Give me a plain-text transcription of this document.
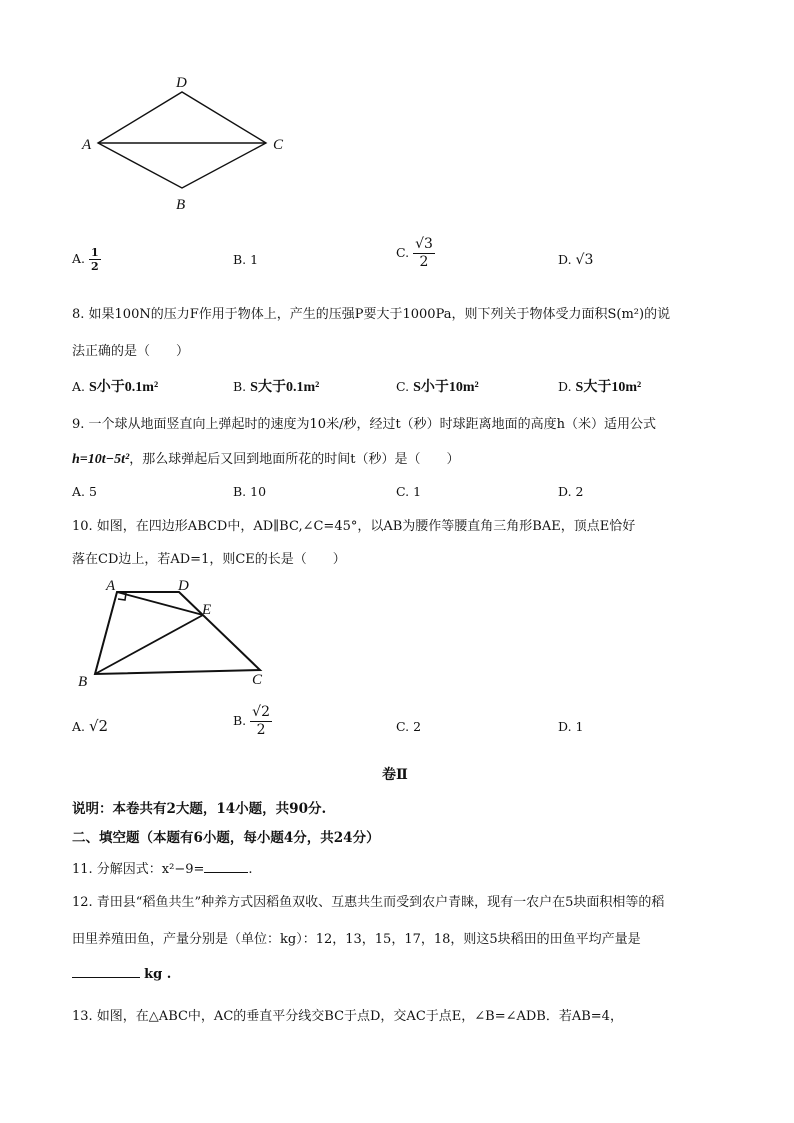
D
A	C
B
A. $\frac{1}{2}$	B. 1	C. $\frac{√3}{2}$	D. √3
8. 如果100N的压力F作用于物体上，产生的压强P要大于1000Pa，则下列关于物体受力面积S(m²)的说
法正确的是（　　）
A. S小于0.1m²	B. S大于0.1m²	C. S小于10m²	D. S大于10m²
9. 一个球从地面竖直向上弹起时的速度为10米/秒，经过t（秒）时球距离地面的高度h（米）适用公式
h=10t−5t²，那么球弹起后又回到地面所花的时间t（秒）是（　　）
A. 5	B. 10	C. 1	D. 2
10. 如图，在四边形ABCD中，AD∥BC,∠C=45°，以AB为腰作等腰直角三角形BAE，顶点E恰好
落在CD边上，若AD=1，则CE的长是（　　）
A	D
E
B	C
A. √2	B. $\frac{√2}{2}$	C. 2	D. 1
卷Ⅱ
说明：本卷共有2大题，14小题，共90分.
二、填空题（本题有6小题，每小题4分，共24分）
11. 分解因式：x²−9=	.
12. 青田县“稻鱼共生”种养方式因稻鱼双收、互惠共生而受到农户青睐，现有一农户在5块面积相等的稻
田里养殖田鱼，产量分别是（单位：kg）：12，13，15，17，18，则这5块稻田的田鱼平均产量是
kg .
13. 如图，在△ABC中，AC的垂直平分线交BC于点D，交AC于点E，∠B=∠ADB．若AB=4，
